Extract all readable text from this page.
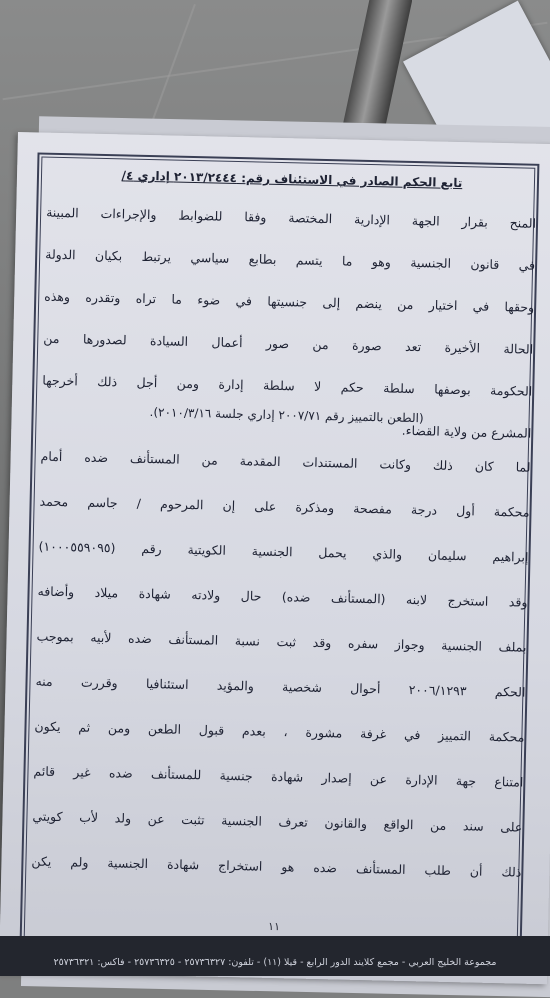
تابع الحكم الصادر في الاستئناف رقم: ٢٠١٣/٢٤٤٤ إداري ٤/
المنح بقرار الجهة الإدارية المختصة وفقا للضوابط والإجراءات المبينة
في قانون الجنسية وهو ما يتسم بطابع سياسي يرتبط بكيان الدولة
وحقها في اختيار من ينضم إلى جنسيتها في ضوء ما تراه وتقدره وهذه
الحالة الأخيرة تعد صورة من صور أعمال السيادة لصدورها من
الحكومة بوصفها سلطة حكم لا سلطة إدارة ومن أجل ذلك أخرجها
المشرع من ولاية القضاء.
(الطعن بالتمييز رقم ٢٠٠٧/٧١ إداري جلسة ٢٠١٠/٣/١٦).
لما كان ذلك وكانت المستندات المقدمة من المستأنف ضده أمام
محكمة أول درجة مفصحة ومذكرة على إن المرحوم / جاسم محمد
إبراهيم سليمان والذي يحمل الجنسية الكويتية رقم (١٠٠٠٥٥٩٠٩٥)
وقد استخرج لابنه (المستأنف ضده) حال ولادته شهادة ميلاد وأضافه
بملف الجنسية وجواز سفره وقد ثبت نسبة المستأنف ضده لأبيه بموجب
الحكم ٢٠٠٦/١٢٩٣ أحوال شخصية والمؤيد استئنافيا وقررت منه
محكمة التمييز في غرفة مشورة ، بعدم قبول الطعن ومن ثم يكون
امتناع جهة الإدارة عن إصدار شهادة جنسية للمستأنف ضده غير قائم
على سند من الواقع والقانون تعرف الجنسية تثبت عن ولد لأب كويتي
ذلك أن طلب المستأنف ضده هو استخراج شهادة الجنسية ولم يكن
١١
مجموعة الخليج العربي - مجمع كلايند الدور الرابع - قيلا (١١) - تلفون: ٢٥٧٣٦٣٢٧ - ٢٥٧٣٦٣٢٥ - فاكس: ٢٥٧٣٦٣٢١
